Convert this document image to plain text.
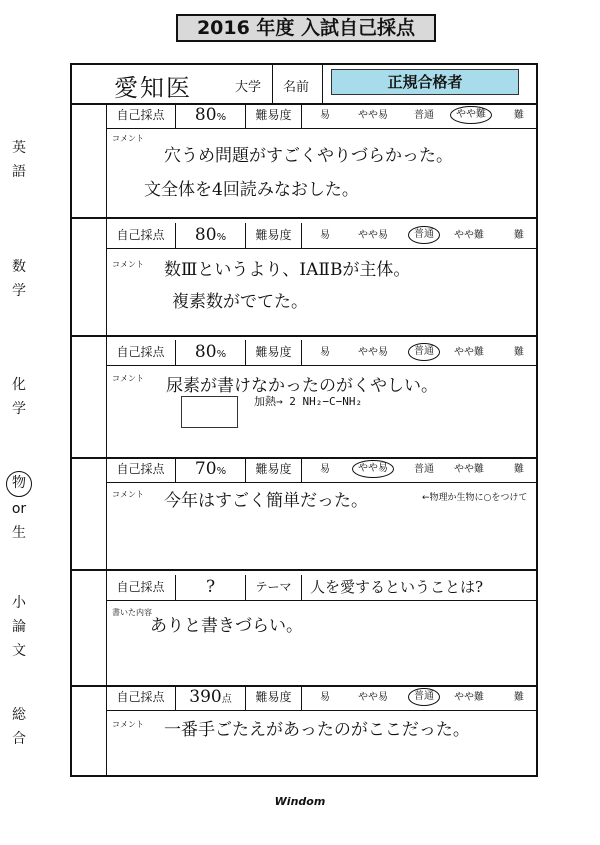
2016 年度 入試自己採点
愛知医	大学 名前	正規合格者
英
語
自己採点	80%	難易度	易	やや易	普通	やや難	難
コメント
穴うめ問題がすごくやりづらかった。
文全体を4回読みなおした。
数
学
自己採点	80%	難易度	易	やや易	普通	やや難	難
コメント 数Ⅲというより、ⅠAⅡBが主体。
複素数がでてた。
化
学
自己採点	80%	難易度	易	やや易	普通	やや難	難
コメント 尿素が書けなかったのがくやしい。
加熱→ 2 NH₂−C−NH₂
物
or
生
自己採点	70%	難易度	易	やや易	普通 やや難	難
コメント 今年はすごく簡単だった。	←物理か生物に○をつけて
小
論
文
自己採点	?	テーマ	人を愛するということは?
書いた内容
ありと書きづらい。
総
合
自己採点	390点	難易度	易	やや易	普通	やや難	難
コメント 一番手ごたえがあったのがここだった。
Windom
